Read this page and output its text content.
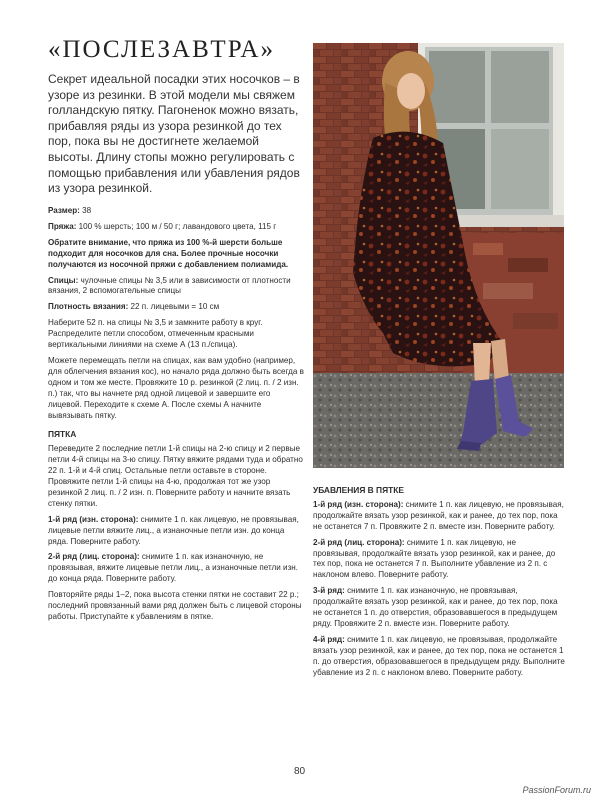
«ПОСЛЕЗАВТРА»
Секрет идеальной посадки этих носочков – в узоре из резинки. В этой модели мы свяжем голландскую пятку. Пагоненок можно вязать, прибавляя ряды из узора резинкой до тех пор, пока вы не достигнете желаемой высоты. Длину стопы можно регулировать с помощью прибавления или убавления рядов из узора резинкой.

Размер: 38

Пряжа: 100 % шерсть; 100 м / 50 г; лавандового цвета, 115 г

Обратите внимание, что пряжа из 100 %-й шерсти больше подходит для носочков для сна. Более прочные носочки получаются из носочной пряжи с добавлением полиамида.

Спицы: чулочные спицы № 3,5 или в зависимости от плотности вязания, 2 вспомогательные спицы

Плотность вязания: 22 п. лицевыми = 10 см

Наберите 52 п. на спицы № 3,5 и замкните работу в круг. Распределите петли способом, отмеченным красными вертикальными линиями на схеме А (13 п./спица).

Можете перемещать петли на спицах, как вам удобно (например, для облегчения вязания кос), но начало ряда должно быть всегда в одном и том же месте. Провяжите 10 р. резинкой (2 лиц. п. / 2 изн. п.) так, что вы начнете ряд одной лицевой и завершите его лицевой. Переходите к схеме А. После схемы А начните вывязывать пятку.

ПЯТКА

Переведите 2 последние петли 1-й спицы на 2-ю спицу и 2 первые петли 4-й спицы на 3-ю спицу. Пятку вяжите рядами туда и обратно 22 п. 1-й и 4-й спиц. Остальные петли оставьте в стороне. Провяжите петли 1-й спицы на 4-ю, продолжая тот же узор резинкой 2 лиц. п. / 2 изн. п. Поверните работу и начните вязать стенку пятки.

1-й ряд (изн. сторона): снимите 1 п. как лицевую, не провязывая, лицевые петли вяжите лиц., а изнаночные петли изн. до конца ряда. Поверните работу.

2-й ряд (лиц. сторона): снимите 1 п. как изнаночную, не провязывая, вяжите лицевые петли лиц., а изнаночные петли изн. до конца ряда. Поверните работу.

Повторяйте ряды 1–2, пока высота стенки пятки не составит 22 р.; последний провязанный вами ряд должен быть с лицевой стороны работы. Приступайте к убавлениям в пятке.

УБАВЛЕНИЯ В ПЯТКЕ

1-й ряд (изн. сторона): снимите 1 п. как лицевую, не провязывая, продолжайте вязать узор резинкой, как и ранее, до тех пор, пока не останется 7 п. Провяжите 2 п. вместе изн. Поверните работу.

2-й ряд (лиц. сторона): снимите 1 п. как лицевую, не провязывая, продолжайте вязать узор резинкой, как и ранее, до тех пор, пока не останется 7 п. Выполните убавление из 2 п. с наклоном влево. Поверните работу.

3-й ряд: снимите 1 п. как изнаночную, не провязывая, продолжайте вязать узор резинкой, как и ранее, до тех пор, пока не останется 1 п. до отверстия, образовавшегося в предыдущем ряду. Провяжите 2 п. вместе изн. Поверните работу.

4-й ряд: снимите 1 п. как лицевую, не провязывая, продолжайте вязать узор резинкой, как и ранее, до тех пор, пока не останется 1 п. до отверстия, образовавшегося в предыдущем ряду. Выполните убавление из 2 п. с наклоном влево. Поверните работу.

80
PassionForum.ru
